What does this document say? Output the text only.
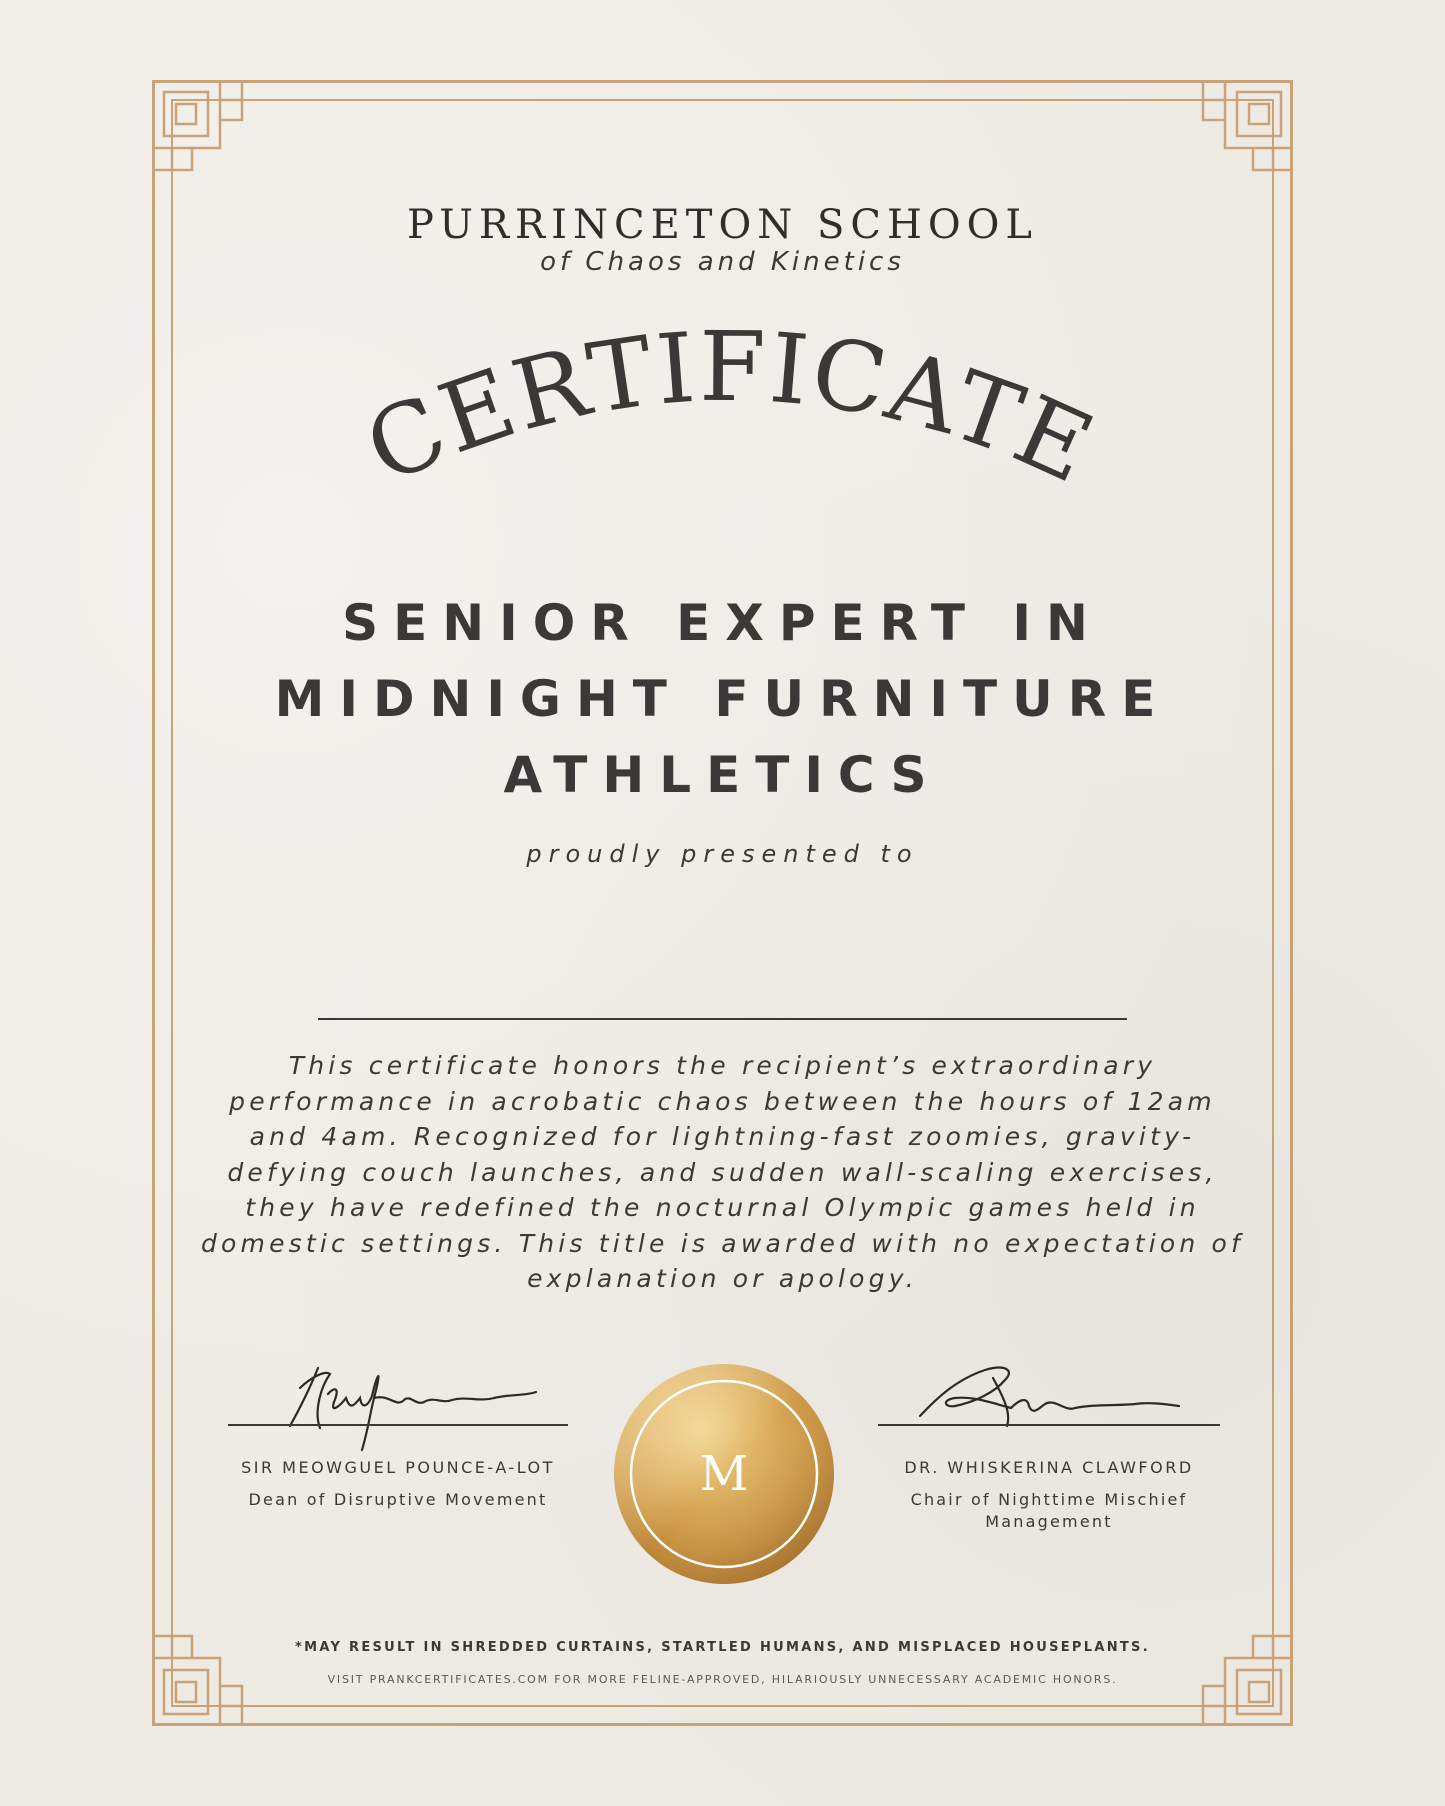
PURRINCETON SCHOOL
of Chaos and Kinetics
CERTIFICATE
SENIOR EXPERT IN
MIDNIGHT FURNITURE
ATHLETICS
proudly presented to
This certificate honors the recipient’s extraordinary performance in acrobatic chaos between the hours of 12am and 4am. Recognized for lightning-fast zoomies, gravity-defying couch launches, and sudden wall-scaling exercises, they have redefined the nocturnal Olympic games held in domestic settings. This title is awarded with no expectation of explanation or apology.
SIR MEOWGUEL POUNCE-A-LOT
Dean of Disruptive Movement
DR. WHISKERINA CLAWFORD
Chair of Nighttime Mischief Management
M
*MAY RESULT IN SHREDDED CURTAINS, STARTLED HUMANS, AND MISPLACED HOUSEPLANTS.
VISIT PRANKCERTIFICATES.COM FOR MORE FELINE-APPROVED, HILARIOUSLY UNNECESSARY ACADEMIC HONORS.
